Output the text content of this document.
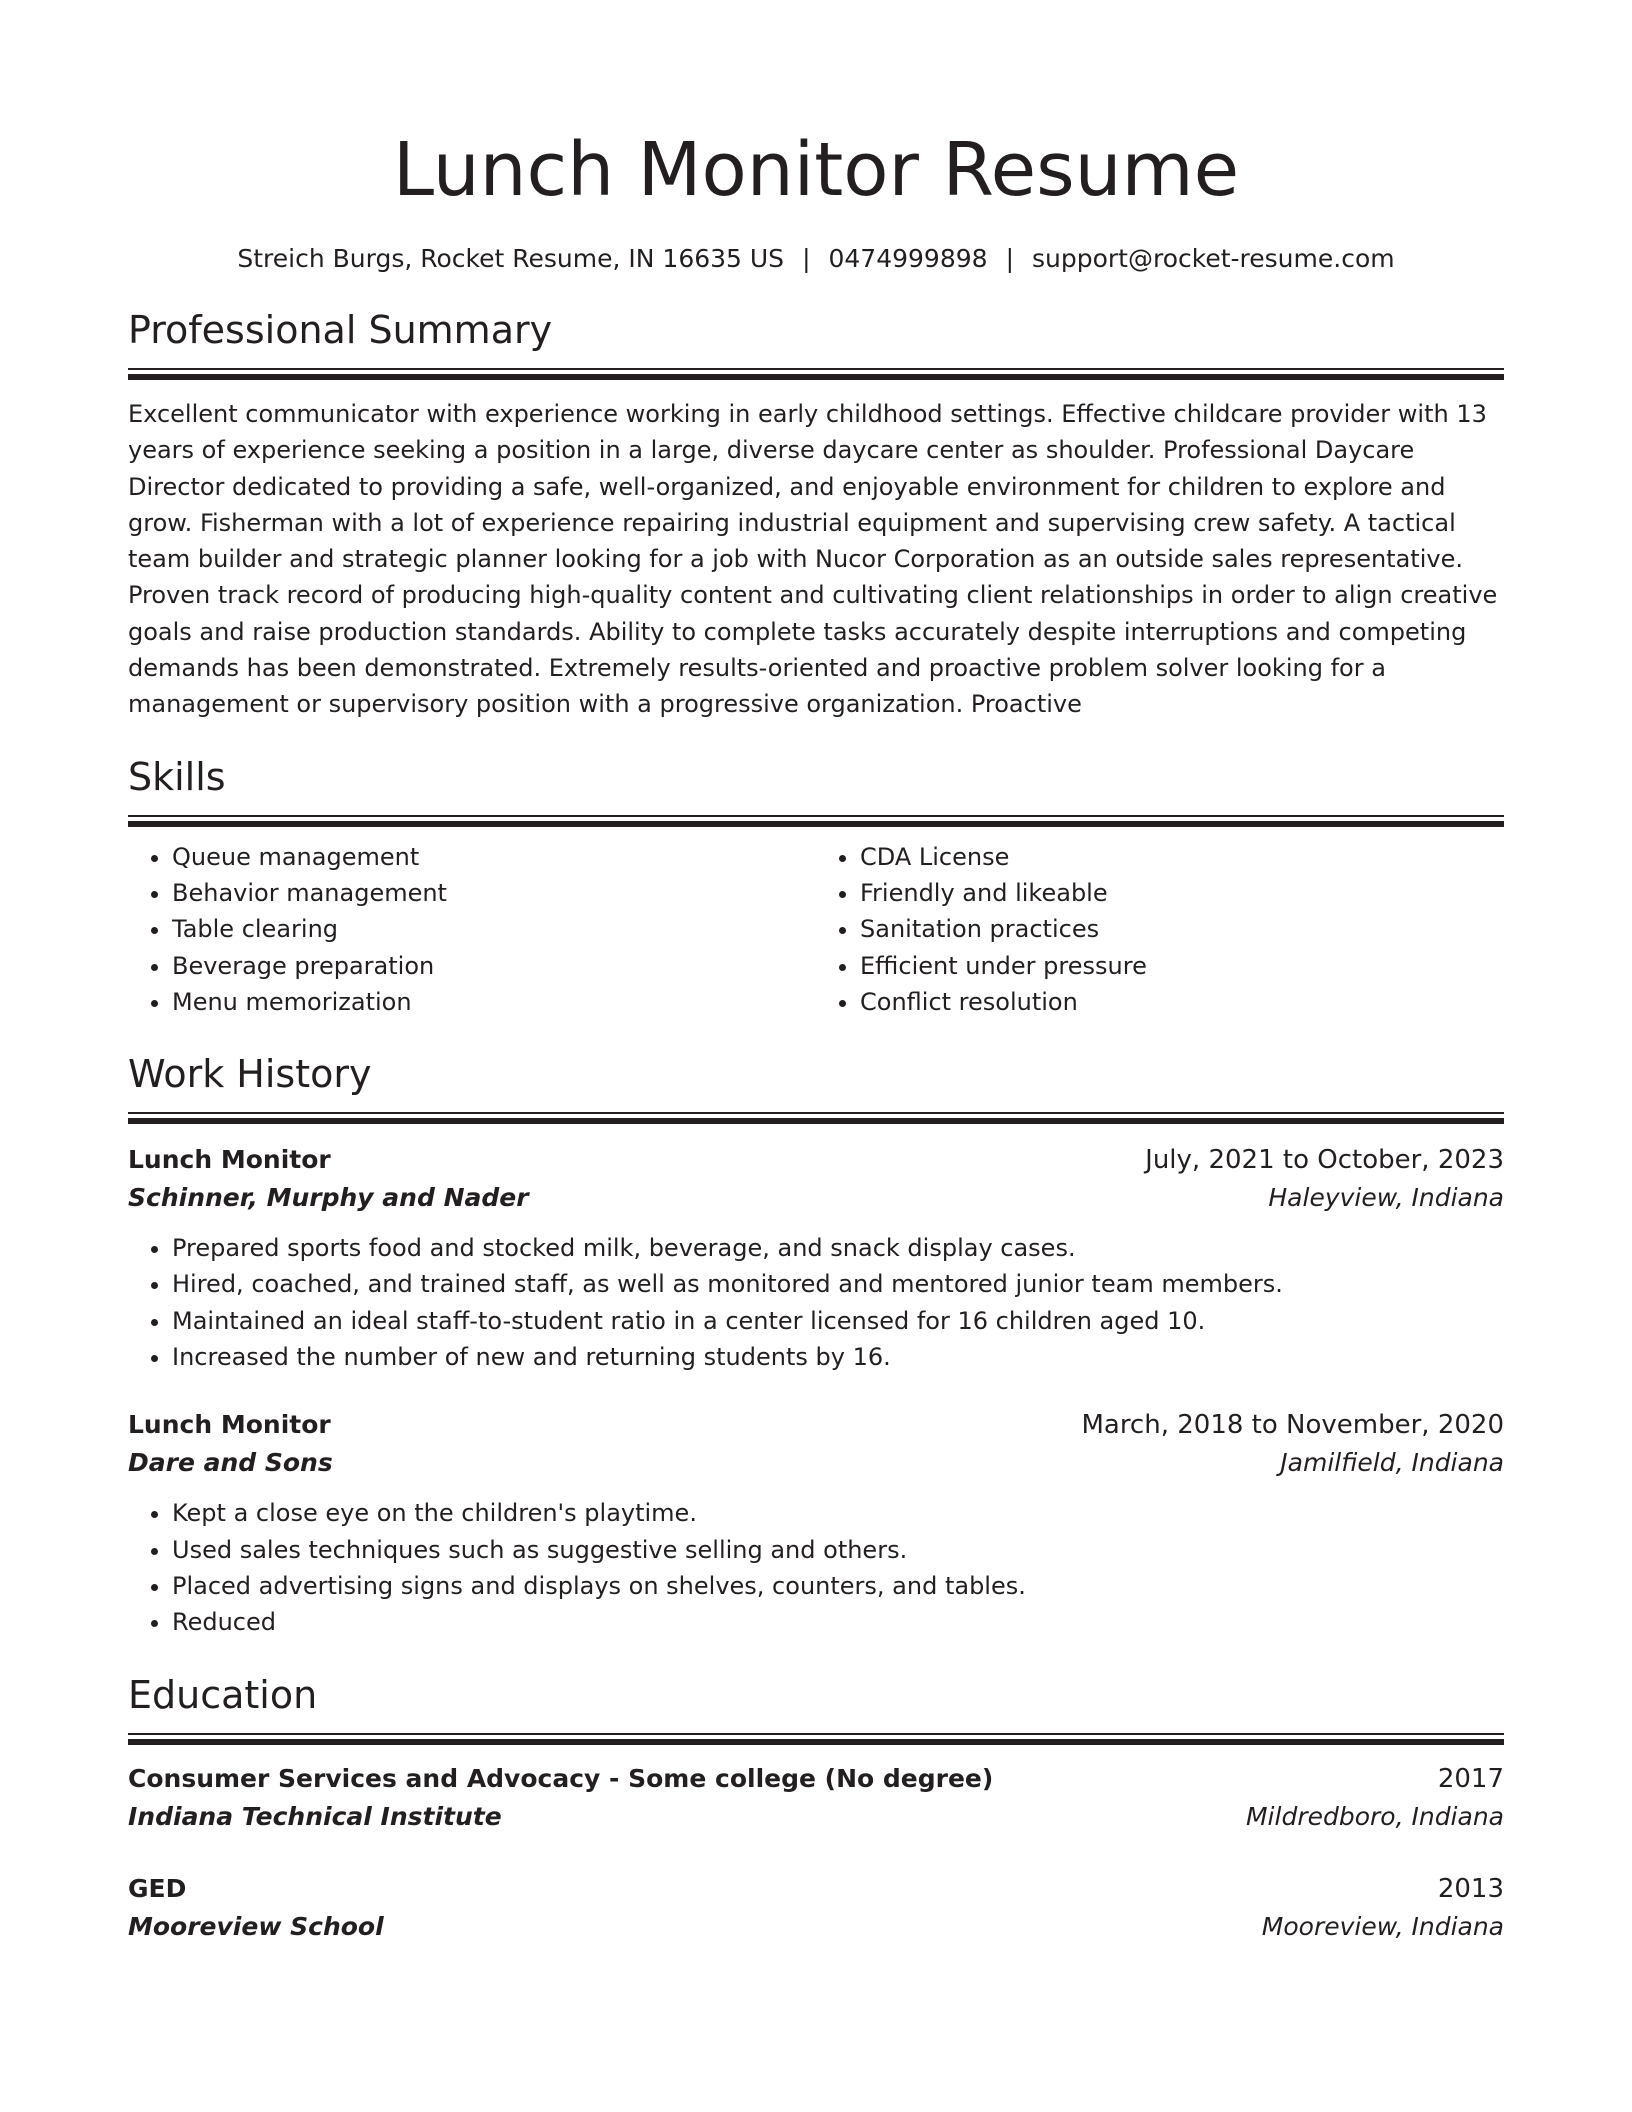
Lunch Monitor Resume
Streich Burgs, Rocket Resume, IN 16635 US | 0474999898 | support@rocket-resume.com
Professional Summary
Excellent communicator with experience working in early childhood settings. Effective childcare provider with 13 years of experience seeking a position in a large, diverse daycare center as shoulder. Professional Daycare Director dedicated to providing a safe, well-organized, and enjoyable environment for children to explore and grow. Fisherman with a lot of experience repairing industrial equipment and supervising crew safety. A tactical team builder and strategic planner looking for a job with Nucor Corporation as an outside sales representative. Proven track record of producing high-quality content and cultivating client relationships in order to align creative goals and raise production standards. Ability to complete tasks accurately despite interruptions and competing demands has been demonstrated. Extremely results-oriented and proactive problem solver looking for a management or supervisory position with a progressive organization. Proactive
Skills
• Queue management
• Behavior management
• Table clearing
• Beverage preparation
• Menu memorization
• CDA License
• Friendly and likeable
• Sanitation practices
• Efficient under pressure
• Conflict resolution
Work History
Lunch Monitor	July, 2021 to October, 2023
Schinner, Murphy and Nader	Haleyview, Indiana
• Prepared sports food and stocked milk, beverage, and snack display cases.
• Hired, coached, and trained staff, as well as monitored and mentored junior team members.
• Maintained an ideal staff-to-student ratio in a center licensed for 16 children aged 10.
• Increased the number of new and returning students by 16.
Lunch Monitor	March, 2018 to November, 2020
Dare and Sons	Jamilfield, Indiana
• Kept a close eye on the children's playtime.
• Used sales techniques such as suggestive selling and others.
• Placed advertising signs and displays on shelves, counters, and tables.
• Reduced
Education
Consumer Services and Advocacy - Some college (No degree)	2017
Indiana Technical Institute	Mildredboro, Indiana
GED	2013
Mooreview School	Mooreview, Indiana
